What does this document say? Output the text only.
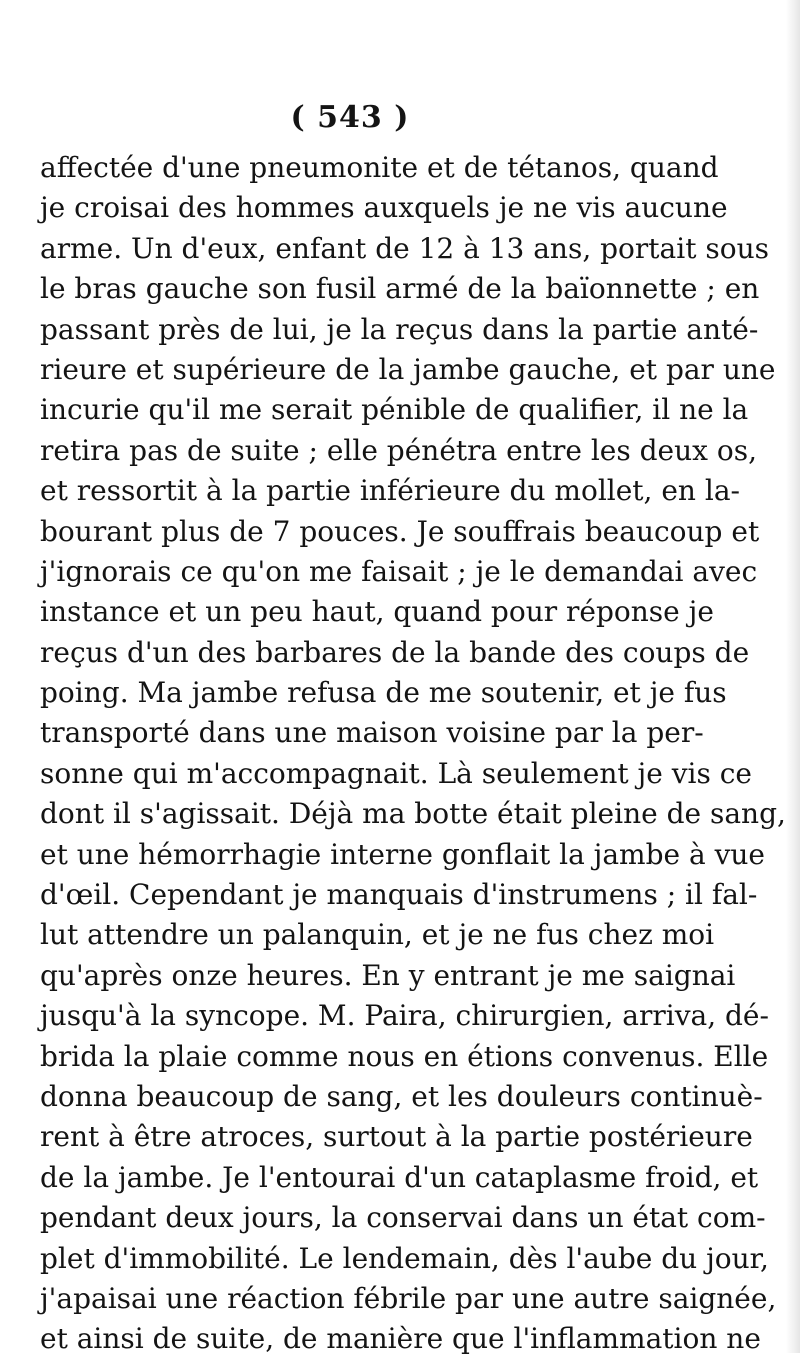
( 543 )
affectée d'une pneumonite et de tétanos, quand
je croisai des hommes auxquels je ne vis aucune
arme. Un d'eux, enfant de 12 à 13 ans, portait sous
le bras gauche son fusil armé de la baïonnette ; en
passant près de lui, je la reçus dans la partie anté-
rieure et supérieure de la jambe gauche, et par une
incurie qu'il me serait pénible de qualifier, il ne la
retira pas de suite ; elle pénétra entre les deux os,
et ressortit à la partie inférieure du mollet, en la-
bourant plus de 7 pouces. Je souffrais beaucoup et
j'ignorais ce qu'on me faisait ; je le demandai avec
instance et un peu haut, quand pour réponse je
reçus d'un des barbares de la bande des coups de
poing. Ma jambe refusa de me soutenir, et je fus
transporté dans une maison voisine par la per-
sonne qui m'accompagnait. Là seulement je vis ce
dont il s'agissait. Déjà ma botte était pleine de sang,
et une hémorrhagie interne gonflait la jambe à vue
d'œil. Cependant je manquais d'instrumens ; il fal-
lut attendre un palanquin, et je ne fus chez moi
qu'après onze heures. En y entrant je me saignai
jusqu'à la syncope. M. Paira, chirurgien, arriva, dé-
brida la plaie comme nous en étions convenus. Elle
donna beaucoup de sang, et les douleurs continuè-
rent à être atroces, surtout à la partie postérieure
de la jambe. Je l'entourai d'un cataplasme froid, et
pendant deux jours, la conservai dans un état com-
plet d'immobilité. Le lendemain, dès l'aube du jour,
j'apaisai une réaction fébrile par une autre saignée,
et ainsi de suite, de manière que l'inflammation ne
